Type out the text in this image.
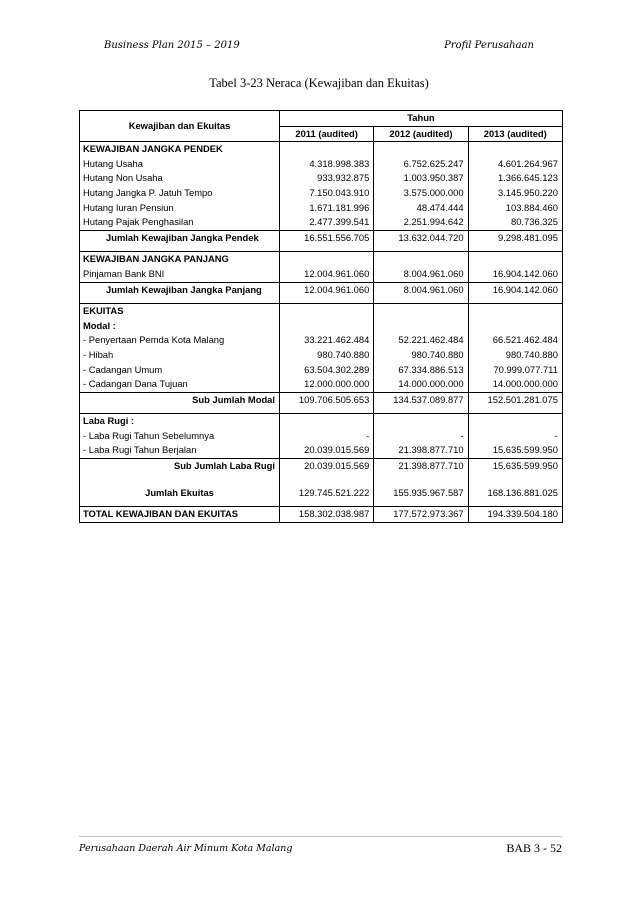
Business Plan 2015 – 2019	Profil Perusahaan
Tabel 3-23 Neraca (Kewajiban dan Ekuitas)
Kewajiban dan Ekuitas	Tahun		
	2011 (audited)	2012 (audited)	2013 (audited)
KEWAJIBAN JANGKA PENDEK			
Hutang Usaha	4.318.998.383	6.752.625.247	4.601.264.967
Hutang Non Usaha	933.932.875	1.003.950.387	1.366.645.123
Hutang Jangka P. Jatuh Tempo	7.150.043.910	3.575.000.000	3.145.950.220
Hutang Iuran Pensiun	1.671.181.996	48.474.444	103.884.460
Hutang Pajak Penghasilan	2.477.399.541	2.251.994.642	80.736.325
Jumlah Kewajiban Jangka Pendek	16.551.556.705	13.632.044.720	9.298.481.095

KEWAJIBAN JANGKA PANJANG			
Pinjaman Bank BNI	12.004.961.060	8.004.961.060	16.904.142.060
Jumlah Kewajiban Jangka Panjang	12.004.961.060	8.004.961.060	16.904.142.060

EKUITAS			
Modal :			
- Penyertaan Pemda Kota Malang	33.221.462.484	52.221.462.484	66.521.462.484
- Hibah	980.740.880	980.740.880	980.740.880
- Cadangan Umum	63.504.302.289	67.334.886.513	70.999.077.711
- Cadangan Dana Tujuan	12.000.000.000	14.000.000.000	14.000.000.000
Sub Jumlah Modal	109.706.505.653	134.537.089.877	152.501.281.075

Laba Rugi :			
- Laba Rugi Tahun Sebelumnya	-	-	-
- Laba Rugi Tahun Berjalan	20.039.015.569	21.398.877.710	15.635.599.950
Sub Jumlah Laba Rugi	20.039.015.569	21.398.877.710	15.635.599.950

Jumlah Ekuitas	129.745.521.222	155.935.967.587	168.136.881.025

TOTAL KEWAJIBAN DAN EKUITAS	158.302.038.987	177.572.973.367	194.339.504.180
Perusahaan Daerah Air Minum Kota Malang	BAB 3 - 52
